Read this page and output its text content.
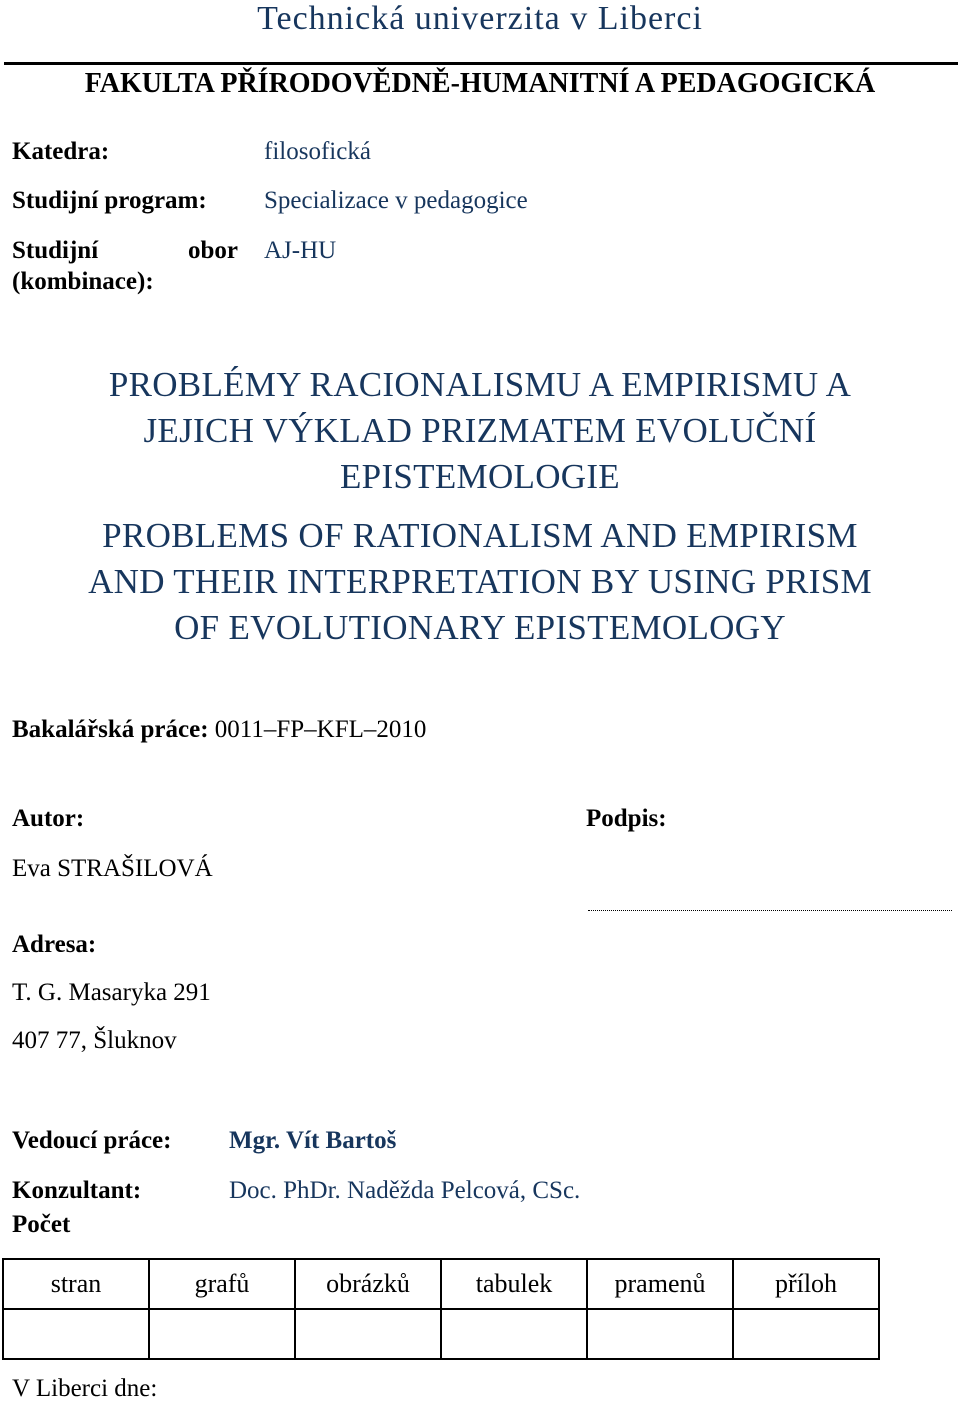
Technická univerzita v Liberci
FAKULTA PŘÍRODOVĚDNĚ-HUMANITNÍ A PEDAGOGICKÁ
Katedra:	filosofická
Studijní program: Specializace v pedagogice
Studijní	obor
(kombinace):
AJ-HU
PROBLÉMY RACIONALISMU A EMPIRISMU A
JEJICH VÝKLAD PRIZMATEM EVOLUČNÍ
EPISTEMOLOGIE
PROBLEMS OF RATIONALISM AND EMPIRISM
AND THEIR INTERPRETATION BY USING PRISM
OF EVOLUTIONARY EPISTEMOLOGY
Bakalářská práce: 0011–FP–KFL–2010
Autor:	Podpis:
Eva STRAŠILOVÁ
Adresa:
T. G. Masaryka 291
407 77, Šluknov
Vedoucí práce: Mgr. Vít Bartoš
Konzultant:	Doc. PhDr. Naděžda Pelcová, CSc.
Počet
stran	grafů	obrázků	tabulek	pramenů	příloh

V Liberci dne:
